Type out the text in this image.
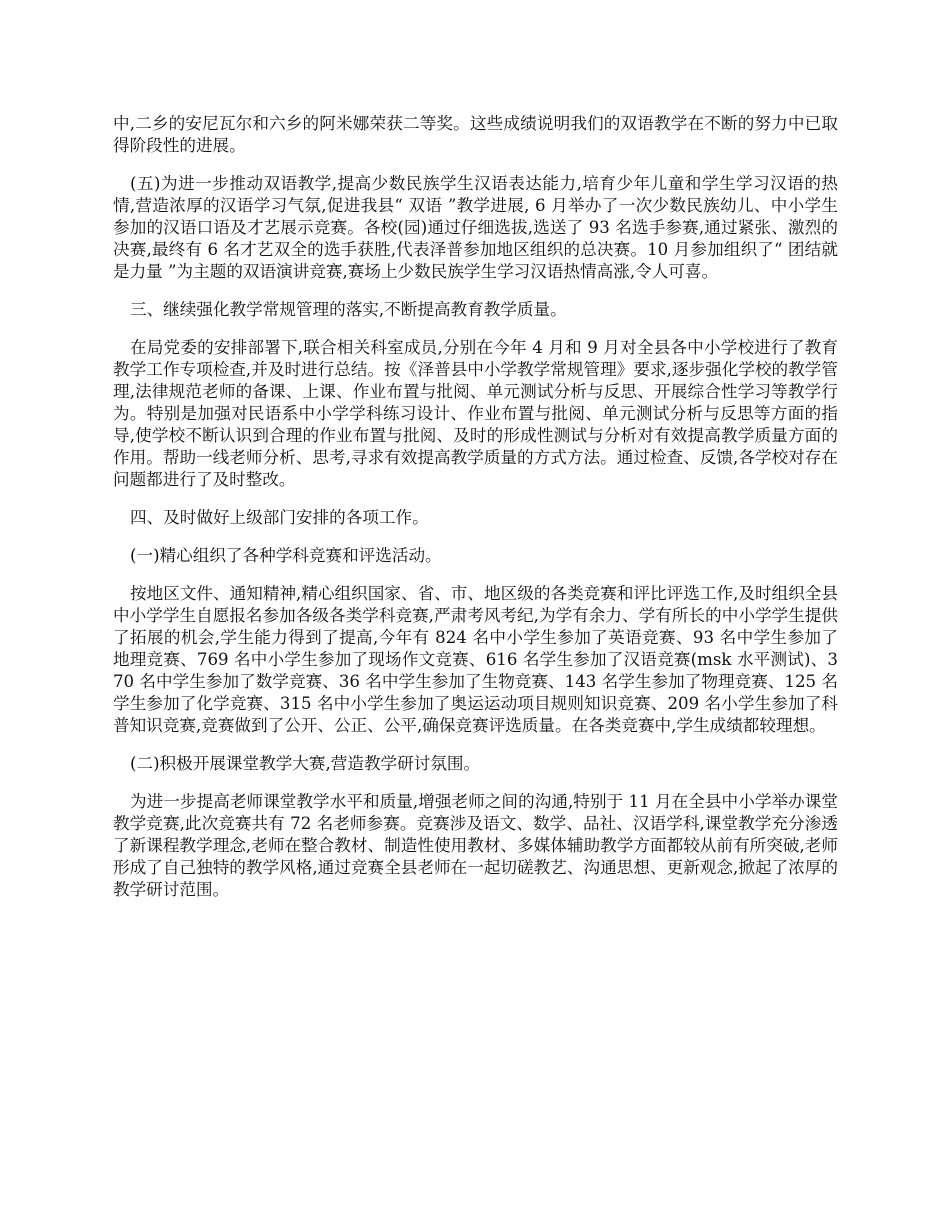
中,二乡的安尼瓦尔和六乡的阿米娜荣获二等奖。这些成绩说明我们的双语教学在不断的努力中已取得阶段性的进展。

(五)为进一步推动双语教学,提高少数民族学生汉语表达能力,培育少年儿童和学生学习汉语的热情,营造浓厚的汉语学习气氛,促进我县“ 双语 ”教学进展, 6 月举办了一次少数民族幼儿、中小学生参加的汉语口语及才艺展示竞赛。各校(园)通过仔细选拔,选送了 93 名选手参赛,通过紧张、激烈的决赛,最终有 6 名才艺双全的选手获胜,代表泽普参加地区组织的总决赛。10 月参加组织了“ 团结就是力量 ”为主题的双语演讲竞赛,赛场上少数民族学生学习汉语热情高涨,令人可喜。

三、继续强化教学常规管理的落实,不断提高教育教学质量。

在局党委的安排部署下,联合相关科室成员,分别在今年 4 月和 9 月对全县各中小学校进行了教育教学工作专项检查,并及时进行总结。按《泽普县中小学教学常规管理》要求,逐步强化学校的教学管理,法律规范老师的备课、上课、作业布置与批阅、单元测试分析与反思、开展综合性学习等教学行为。特别是加强对民语系中小学学科练习设计、作业布置与批阅、单元测试分析与反思等方面的指导,使学校不断认识到合理的作业布置与批阅、及时的形成性测试与分析对有效提高教学质量方面的作用。帮助一线老师分析、思考,寻求有效提高教学质量的方式方法。通过检查、反馈,各学校对存在问题都进行了及时整改。

四、及时做好上级部门安排的各项工作。

(一)精心组织了各种学科竞赛和评选活动。

按地区文件、通知精神,精心组织国家、省、市、地区级的各类竞赛和评比评选工作,及时组织全县中小学学生自愿报名参加各级各类学科竞赛,严肃考风考纪,为学有余力、学有所长的中小学学生提供了拓展的机会,学生能力得到了提高,今年有 824 名中小学生参加了英语竞赛、93 名中学生参加了地理竞赛、769 名中小学生参加了现场作文竞赛、616 名学生参加了汉语竞赛(msk 水平测试)、370 名中学生参加了数学竞赛、36 名中学生参加了生物竞赛、143 名学生参加了物理竞赛、125 名学生参加了化学竞赛、315 名中小学生参加了奥运运动项目规则知识竞赛、209 名小学生参加了科普知识竞赛,竞赛做到了公开、公正、公平,确保竞赛评选质量。在各类竞赛中,学生成绩都较理想。

(二)积极开展课堂教学大赛,营造教学研讨氛围。

为进一步提高老师课堂教学水平和质量,增强老师之间的沟通,特别于 11 月在全县中小学举办课堂教学竞赛,此次竞赛共有 72 名老师参赛。竞赛涉及语文、数学、品社、汉语学科,课堂教学充分渗透了新课程教学理念,老师在整合教材、制造性使用教材、多媒体辅助教学方面都较从前有所突破,老师形成了自己独特的教学风格,通过竞赛全县老师在一起切磋教艺、沟通思想、更新观念,掀起了浓厚的教学研讨范围。
